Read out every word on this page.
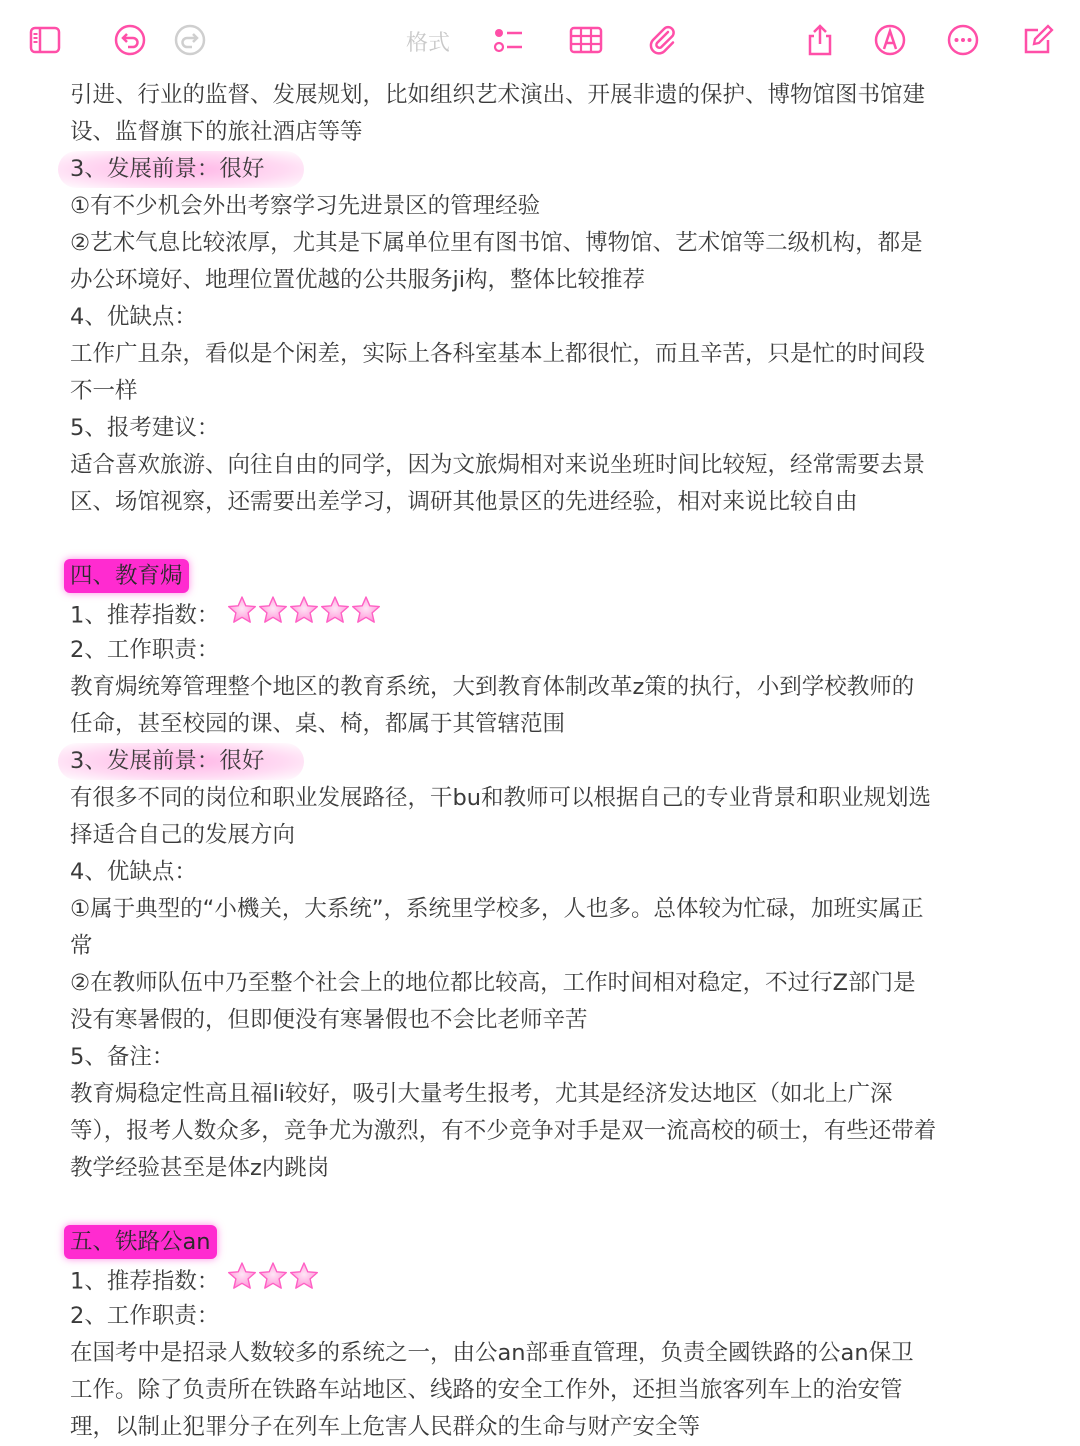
格式
引进、行业的监督、发展规划，比如组织艺术演出、开展非遗的保护、博物馆图书馆建
设、监督旗下的旅社酒店等等
3、发展前景：很好
①有不少机会外出考察学习先进景区的管理经验
②艺术气息比较浓厚，尤其是下属单位里有图书馆、博物馆、艺术馆等二级机构，都是
办公环境好、地理位置优越的公共服务ji构，整体比较推荐
4、优缺点：
工作广且杂，看似是个闲差，实际上各科室基本上都很忙，而且辛苦，只是忙的时间段
不一样
5、报考建议：
适合喜欢旅游、向往自由的同学，因为文旅焗相对来说坐班时间比较短，经常需要去景
区、场馆视察，还需要出差学习，调研其他景区的先进经验，相对来说比较自由
四、教育焗
1、推荐指数：
2、工作职责：
教育焗统筹管理整个地区的教育系统，大到教育体制改革z策的执行，小到学校教师的
任命，甚至校园的课、桌、椅，都属于其管辖范围
3、发展前景：很好
有很多不同的岗位和职业发展路径，干bu和教师可以根据自己的专业背景和职业规划选
择适合自己的发展方向
4、优缺点：
①属于典型的“小機关，大系统”，系统里学校多，人也多。总体较为忙碌，加班实属正
常
②在教师队伍中乃至整个社会上的地位都比较高，工作时间相对稳定，不过行Z部门是
没有寒暑假的，但即便没有寒暑假也不会比老师辛苦
5、备注：
教育焗稳定性高且福li较好，吸引大量考生报考，尤其是经济发达地区（如北上广深
等），报考人数众多，竞争尤为激烈，有不少竞争对手是双一流高校的硕士，有些还带着
教学经验甚至是体z内跳岗
五、铁路公an
1、推荐指数：
2、工作职责：
在国考中是招录人数较多的系统之一，由公an部垂直管理，负责全國铁路的公an保卫
工作。除了负责所在铁路车站地区、线路的安全工作外，还担当旅客列车上的治安管
理，以制止犯罪分子在列车上危害人民群众的生命与财产安全等
